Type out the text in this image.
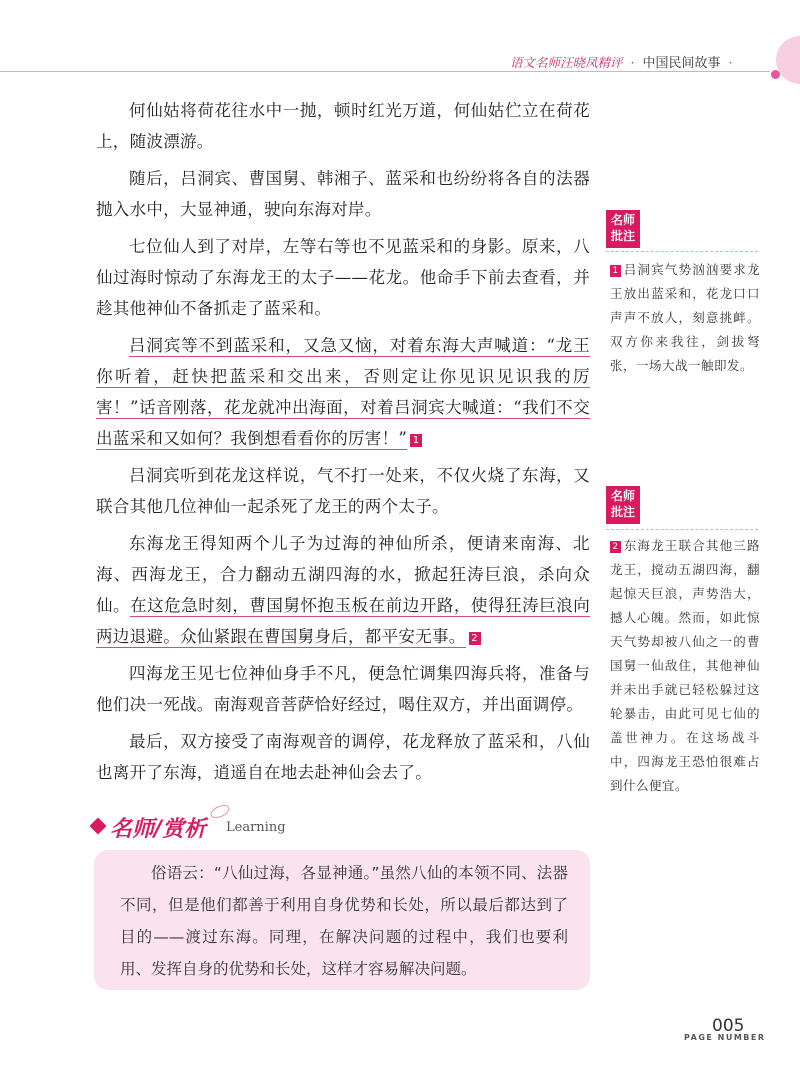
语文名师汪晓凤精评 · 中国民间故事 ·

何仙姑将荷花往水中一抛，顿时红光万道，何仙姑伫立在荷花上，随波漂游。

随后，吕洞宾、曹国舅、韩湘子、蓝采和也纷纷将各自的法器抛入水中，大显神通，驶向东海对岸。

七位仙人到了对岸，左等右等也不见蓝采和的身影。原来，八仙过海时惊动了东海龙王的太子——花龙。他命手下前去查看，并趁其他神仙不备抓走了蓝采和。

吕洞宾等不到蓝采和，又急又恼，对着东海大声喊道：“龙王你听着，赶快把蓝采和交出来，否则定让你见识见识我的厉害！”话音刚落，花龙就冲出海面，对着吕洞宾大喊道：“我们不交出蓝采和又如何？我倒想看看你的厉害！” 1

吕洞宾听到花龙这样说，气不打一处来，不仅火烧了东海，又联合其他几位神仙一起杀死了龙王的两个太子。

东海龙王得知两个儿子为过海的神仙所杀，便请来南海、北海、西海龙王，合力翻动五湖四海的水，掀起狂涛巨浪，杀向众仙。在这危急时刻，曹国舅怀抱玉板在前边开路，使得狂涛巨浪向两边退避。众仙紧跟在曹国舅身后，都平安无事。 2

四海龙王见七位神仙身手不凡，便急忙调集四海兵将，准备与他们决一死战。南海观音菩萨恰好经过，喝住双方，并出面调停。

最后，双方接受了南海观音的调停，花龙释放了蓝采和，八仙也离开了东海，逍遥自在地去赴神仙会去了。

名师
批注
1 吕洞宾气势汹汹要求龙王放出蓝采和，花龙口口声声不放人，刻意挑衅。双方你来我往，剑拔弩张，一场大战一触即发。
名师
批注
2 东海龙王联合其他三路龙王，搅动五湖四海，翻起惊天巨浪，声势浩大，撼人心魄。然而，如此惊天气势却被八仙之一的曹国舅一仙敌住，其他神仙并未出手就已轻松躲过这轮暴击，由此可见七仙的盖世神力。在这场战斗中，四海龙王恐怕很难占到什么便宜。
名师/赏析 Learning

俗语云：“八仙过海，各显神通。”虽然八仙的本领不同、法器不同，但是他们都善于利用自身优势和长处，所以最后都达到了目的——渡过东海。同理，在解决问题的过程中，我们也要利用、发挥自身的优势和长处，这样才容易解决问题。

005
PAGE NUMBER
